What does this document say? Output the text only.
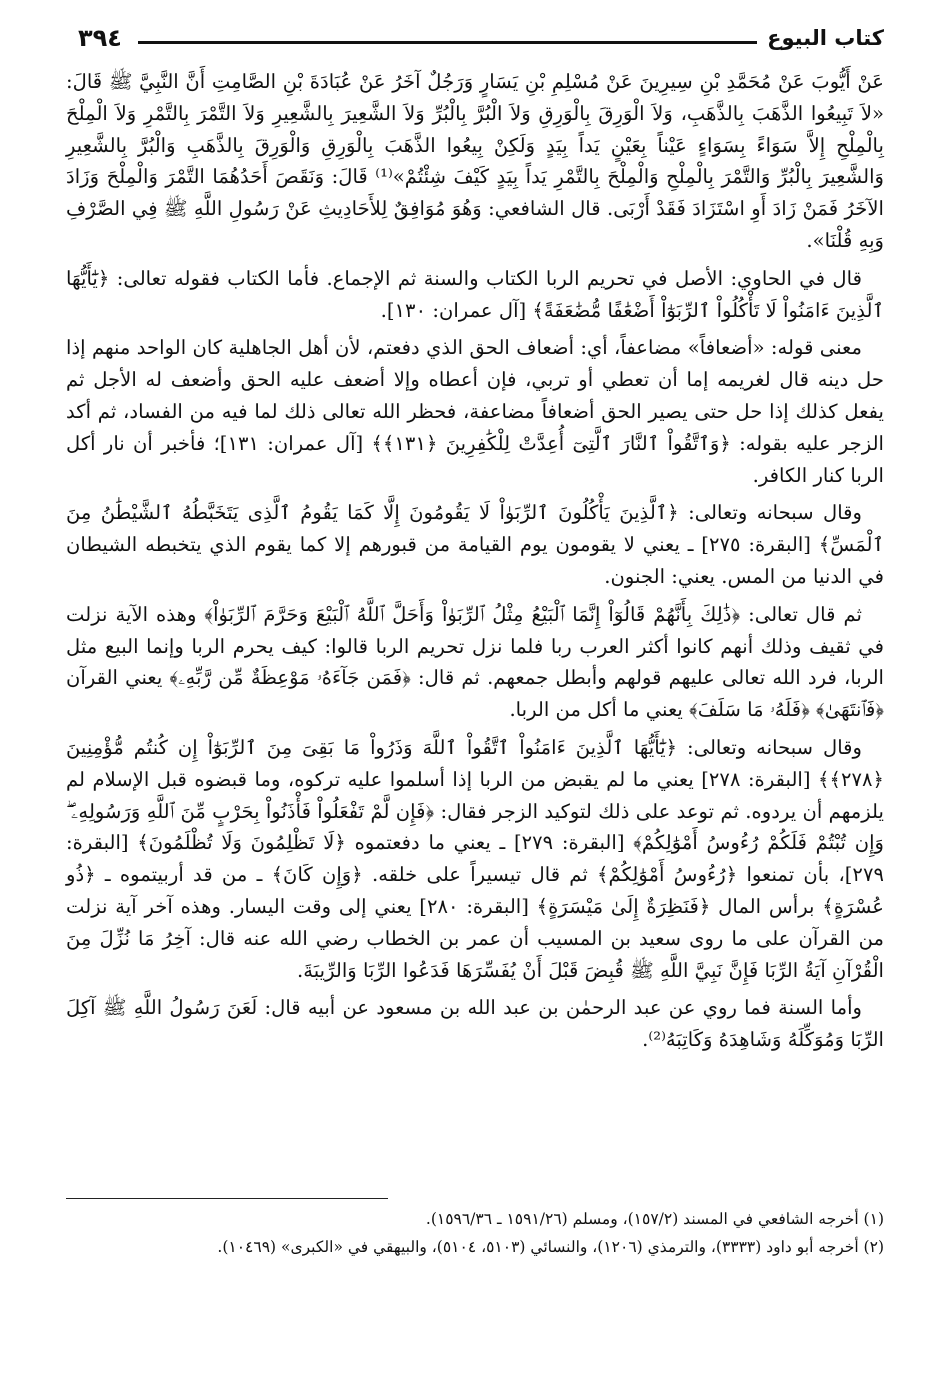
كتاب البيوع
٣٩٤

عَنْ أَيُّوبَ عَنْ مُحَمَّدِ بْنِ سِيرِينَ عَنْ مُسْلِمِ بْنِ يَسَارٍ وَرَجُلٌ آخَرُ عَنْ عُبَادَةَ بْنِ الصَّامِتِ أَنَّ النَّبِيَّ ﷺ قَالَ: «لاَ تَبِيعُوا الذَّهَبَ بِالذَّهَبِ، وَلاَ الْوَرِقَ بِالْوَرِقِ وَلاَ الْبُرَّ بِالْبُرِّ وَلاَ الشَّعِيرَ بِالشَّعِيرِ وَلاَ التَّمْرَ بِالتَّمْرِ وَلاَ الْمِلْحَ بِالْمِلْحِ إِلاَّ سَوَاءً بِسَوَاءٍ عَيْناً بِعَيْنٍ يَداً بِيَدٍ وَلَكِنْ بِيعُوا الذَّهَبَ بِالْوَرِقِ وَالْوَرِقَ بِالذَّهَبِ وَالْبُرَّ بِالشَّعِيرِ وَالشَّعِيرَ بِالْبُرِّ وَالتَّمْرَ بِالْمِلْحِ وَالْمِلْحَ بِالتَّمْرِ يَداً بِيَدٍ كَيْفَ شِئْتُمْ»⁽¹⁾ قَالَ: وَنَقَصَ أَحَدُهُمَا التَّمْرَ وَالْمِلْحَ وَزَادَ الآخَرُ فَمَنْ زَادَ أَوِ اسْتَزَادَ فَقَدْ أَرْبَى. قال الشافعي: وَهُوَ مُوَافِقٌ لِلأَحَادِيثِ عَنْ رَسُولِ اللَّهِ ﷺ فِي الصَّرْفِ وَبِهِ قُلْنَا».

قال في الحاوي: الأصل في تحريم الربا الكتاب والسنة ثم الإجماع. فأما الكتاب فقوله تعالى: ﴿يَٰٓأَيُّهَا ٱلَّذِينَ ءَامَنُواْ لَا تَأْكُلُواْ ٱلرِّبَوٰٓاْ أَضْعَٰفًا مُّضَٰعَفَةً﴾ [آل عمران: ١٣٠].

معنى قوله: «أضعافاً» مضاعفاً، أي: أضعاف الحق الذي دفعتم، لأن أهل الجاهلية كان الواحد منهم إذا حل دينه قال لغريمه إما أن تعطي أو تربي، فإن أعطاه وإلا أضعف عليه الحق وأضعف له الأجل ثم يفعل كذلك إذا حل حتى يصير الحق أضعافاً مضاعفة، فحظر الله تعالى ذلك لما فيه من الفساد، ثم أكد الزجر عليه بقوله: ﴿وَٱتَّقُواْ ٱلنَّارَ ٱلَّتِىٓ أُعِدَّتْ لِلْكَٰفِرِينَ ﴿١٣١﴾﴾ [آل عمران: ١٣١]؛ فأخبر أن نار أكل الربا كنار الكافر.

وقال سبحانه وتعالى: ﴿ٱلَّذِينَ يَأْكُلُونَ ٱلرِّبَوٰاْ لَا يَقُومُونَ إِلَّا كَمَا يَقُومُ ٱلَّذِى يَتَخَبَّطُهُ ٱلشَّيْطَٰنُ مِنَ ٱلْمَسِّ﴾ [البقرة: ٢٧٥] ـ يعني لا يقومون يوم القيامة من قبورهم إلا كما يقوم الذي يتخبطه الشيطان في الدنيا من المس. يعني: الجنون.

ثم قال تعالى: ﴿ذَٰلِكَ بِأَنَّهُمْ قَالُوٓاْ إِنَّمَا ٱلْبَيْعُ مِثْلُ ٱلرِّبَوٰاْ وَأَحَلَّ ٱللَّهُ ٱلْبَيْعَ وَحَرَّمَ ٱلرِّبَوٰاْ﴾ وهذه الآية نزلت في ثقيف وذلك أنهم كانوا أكثر العرب ربا فلما نزل تحريم الربا قالوا: كيف يحرم الربا وإنما البيع مثل الربا، فرد الله تعالى عليهم قولهم وأبطل جمعهم. ثم قال: ﴿فَمَن جَآءَهُۥ مَوْعِظَةٌ مِّن رَّبِّهِۦ﴾ يعني القرآن ﴿فَٱنتَهَىٰ﴾ ﴿فَلَهُۥ مَا سَلَفَ﴾ يعني ما أكل من الربا.

وقال سبحانه وتعالى: ﴿يَٰٓأَيُّهَا ٱلَّذِينَ ءَامَنُواْ ٱتَّقُواْ ٱللَّهَ وَذَرُواْ مَا بَقِىَ مِنَ ٱلرِّبَوٰٓاْ إِن كُنتُم مُّؤْمِنِينَ ﴿٢٧٨﴾﴾ [البقرة: ٢٧٨] يعني ما لم يقبض من الربا إذا أسلموا عليه تركوه، وما قبضوه قبل الإسلام لم يلزمهم أن يردوه. ثم توعد على ذلك لتوكيد الزجر فقال: ﴿فَإِن لَّمْ تَفْعَلُواْ فَأْذَنُواْ بِحَرْبٍ مِّنَ ٱللَّهِ وَرَسُولِهِۦ ۖ وَإِن تُبْتُمْ فَلَكُمْ رُءُوسُ أَمْوَٰلِكُمْ﴾ [البقرة: ٢٧٩] ـ يعني ما دفعتموه ﴿لَا تَظْلِمُونَ وَلَا تُظْلَمُونَ﴾ [البقرة: ٢٧٩]، بأن تمنعوا ﴿رُءُوسُ أَمْوَٰلِكُمْ﴾ ثم قال تيسيراً على خلقه. ﴿وَإِن كَانَ﴾ ـ من قد أربيتموه ـ ﴿ذُو عُسْرَةٍ﴾ برأس المال ﴿فَنَظِرَةٌ إِلَىٰ مَيْسَرَةٍ﴾ [البقرة: ٢٨٠] يعني إلى وقت اليسار. وهذه آخر آية نزلت من القرآن على ما روى سعيد بن المسيب أن عمر بن الخطاب رضي الله عنه قال: آخِرُ مَا نُزِّلَ مِنَ الْقُرْآنِ آيَةُ الرِّبَا فَإِنَّ نَبِيَّ اللَّهِ ﷺ قُبِضَ قَبْلَ أَنْ يُفَسِّرَهَا فَدَعُوا الرِّبَا وَالرِّيبَةَ.

وأما السنة فما روي عن عبد الرحمٰن بن عبد الله بن مسعود عن أبيه قال: لَعَنَ رَسُولُ اللَّهِ ﷺ آكِلَ الرِّبَا وَمُوَكِّلَهُ وَشَاهِدَهُ وَكَاتِبَهُ⁽²⁾.

(١) أخرجه الشافعي في المسند (١٥٧/٢)، ومسلم (١٥٩١/٢٦ ـ ١٥٩٦/٣٦).

(٢) أخرجه أبو داود (٣٣٣٣)، والترمذي (١٢٠٦)، والنسائي (٥١٠٣، ٥١٠٤)، والبيهقي في «الكبرى» (١٠٤٦٩).
